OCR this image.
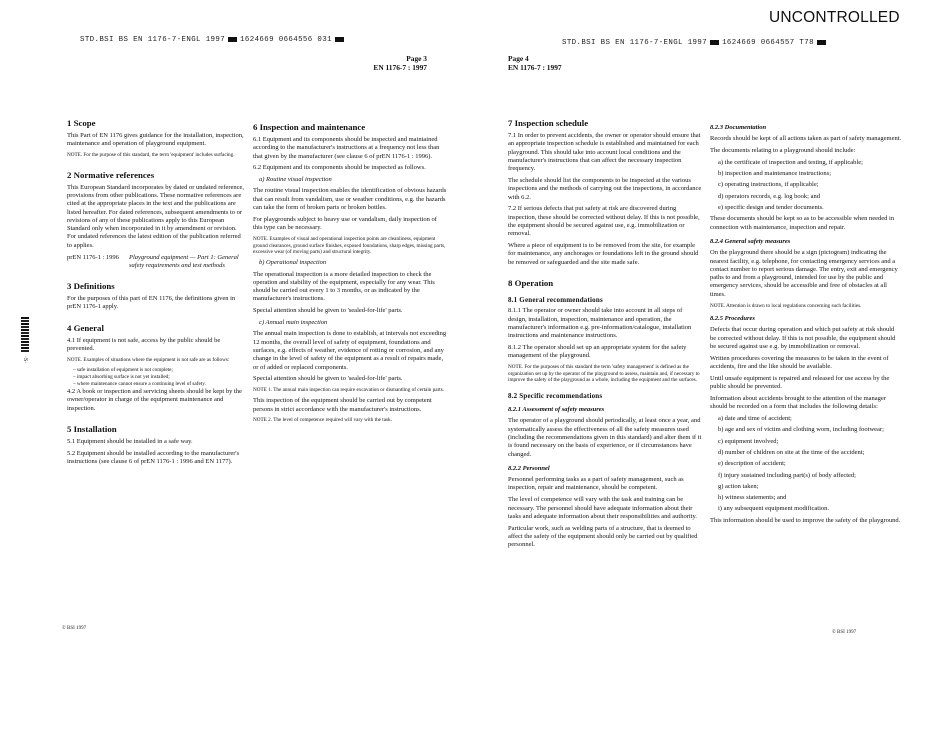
UNCONTROLLED
STD.BSI BS EN 1176-7-ENGL 1997 1624669 0664556 031
Page 3
EN 1176-7 : 1997
STD.BSI BS EN 1176-7-ENGL 1997 1624669 0664557 T78
Page 4
EN 1176-7 : 1997
·S·
1 Scope
This Part of EN 1176 gives guidance for the installation, inspection, maintenance and operation of playground equipment.
NOTE. For the purpose of this standard, the term 'equipment' includes surfacing.
2 Normative references
This European Standard incorporates by dated or undated reference, provisions from other publications. These normative references are cited at the appropriate places in the text and the publications are listed hereafter. For dated references, subsequent amendments to or revisions of any of these publications apply to this European Standard only when incorporated in it by amendment or revision. For undated references the latest edition of the publication referred to applies.
prEN 1176-1 : 1996	Playground equipment — Part 1: General safety requirements and test methods
3 Definitions
For the purposes of this part of EN 1176, the definitions given in prEN 1176-1 apply.
4 General
4.1 If equipment is not safe, access by the public should be prevented.
NOTE. Examples of situations where the equipment is not safe are as follows:
– safe installation of equipment is not complete;
– impact absorbing surface is not yet installed;
– where maintenance cannot ensure a continuing level of safety.
4.2 A book or inspection and servicing sheets should be kept by the owner/operator in charge of the equipment maintenance and inspection.
5 Installation
5.1 Equipment should be installed in a safe way.
5.2 Equipment should be installed according to the manufacturer's instructions (see clause 6 of prEN 1176-1 : 1996 and EN 1177).
6 Inspection and maintenance
6.1 Equipment and its components should be inspected and maintained according to the manufacturer's instructions at a frequency not less than that given by the manufacturer (see clause 6 of prEN 1176-1 : 1996).
6.2 Equipment and its components should be inspected as follows.
a) Routine visual inspection
The routine visual inspection enables the identification of obvious hazards that can result from vandalism, use or weather conditions, e.g. the hazards can take the form of broken parts or broken bottles.
For playgrounds subject to heavy use or vandalism, daily inspection of this type can be necessary.
NOTE. Examples of visual and operational inspection points are cleanliness, equipment ground clearances, ground surface finishes, exposed foundations, sharp edges, missing parts, excessive wear (of moving parts) and structural integrity.
b) Operational inspection
The operational inspection is a more detailed inspection to check the operation and stability of the equipment, especially for any wear. This should be carried out every 1 to 3 months, or as indicated by the manufacturer's instructions.
Special attention should be given to 'sealed-for-life' parts.
c) Annual main inspection
The annual main inspection is done to establish, at intervals not exceeding 12 months, the overall level of safety of equipment, foundations and surfaces, e.g. effects of weather, evidence of rotting or corrosion, and any change in the level of safety of the equipment as a result of repairs made, or of added or replaced components.
Special attention should be given to 'sealed-for-life' parts.
NOTE 1. The annual main inspection can require excavation or dismantling of certain parts.
This inspection of the equipment should be carried out by competent persons in strict accordance with the manufacturer's instructions.
NOTE 2. The level of competence required will vary with the task.
7 Inspection schedule
7.1 In order to prevent accidents, the owner or operator should ensure that an appropriate inspection schedule is established and maintained for each playground. This should take into account local conditions and the manufacturer's instructions that can affect the necessary inspection frequency.
The schedule should list the components to be inspected at the various inspections and the methods of carrying out the inspections, in accordance with 6.2.
7.2 If serious defects that put safety at risk are discovered during inspection, these should be corrected without delay. If this is not possible, the equipment should be secured against use, e.g. immobilization or removal.
Where a piece of equipment is to be removed from the site, for example for maintenance, any anchorages or foundations left in the ground should be removed or safeguarded and the site made safe.
8 Operation
8.1 General recommendations
8.1.1 The operator or owner should take into account in all steps of design, installation, inspection, maintenance and operation, the manufacturer's information e.g. pre-information/catalogue, installation instructions and maintenance instructions.
8.1.2 The operator should set up an appropriate system for the safety management of the playground.
NOTE. For the purposes of this standard the term 'safety management' is defined as the organization set up by the operator of the playground to assess, maintain and, if necessary to improve the safety of the playground as a whole, including the equipment and the surfaces.
8.2 Specific recommendations
8.2.1 Assessment of safety measures
The operator of a playground should periodically, at least once a year, and systematically assess the effectiveness of all the safety measures used (including the recommendations given in this standard) and alter them if it is found necessary on the basis of experience, or if circumstances have changed.
8.2.2 Personnel
Personnel performing tasks as a part of safety management, such as inspection, repair and maintenance, should be competent.
The level of competence will vary with the task and training can be necessary. The personnel should have adequate information about their tasks and adequate information about their responsibilities and authority.
Particular work, such as welding parts of a structure, that is deemed to affect the safety of the equipment should only be carried out by qualified personnel.
8.2.3 Documentation
Records should be kept of all actions taken as part of safety management.
The documents relating to a playground should include:
a) the certificate of inspection and testing, if applicable;
b) inspection and maintenance instructions;
c) operating instructions, if applicable;
d) operators records, e.g. log book; and
e) specific design and tender documents.
These documents should be kept so as to be accessible when needed in connection with maintenance, inspection and repair.
8.2.4 General safety measures
On the playground there should be a sign (pictogram) indicating the nearest facility, e.g. telephone, for contacting emergency services and a contact number to report serious damage. The entry, exit and emergency paths to and from a playground, intended for use by the public and emergency services, should be accessible and free of obstacles at all times.
NOTE. Attention is drawn to local regulations concerning such facilities.
8.2.5 Procedures
Defects that occur during operation and which put safety at risk should be corrected without delay. If this is not possible, the equipment should be secured against use e.g. by immobilization or removal.
Written procedures covering the measures to be taken in the event of accidents, fire and the like should be available.
Until unsafe equipment is repaired and released for use access by the public should be prevented.
Information about accidents brought to the attention of the manager should be recorded on a form that includes the following details:
a) date and time of accident;
b) age and sex of victim and clothing worn, including footwear;
c) equipment involved;
d) number of children on site at the time of the accident;
e) description of accident;
f) injury sustained including part(s) of body affected;
g) action taken;
h) witness statements; and
i) any subsequent equipment modification.
This information should be used to improve the safety of the playground.
© BSI 1997
© BSI 1997
